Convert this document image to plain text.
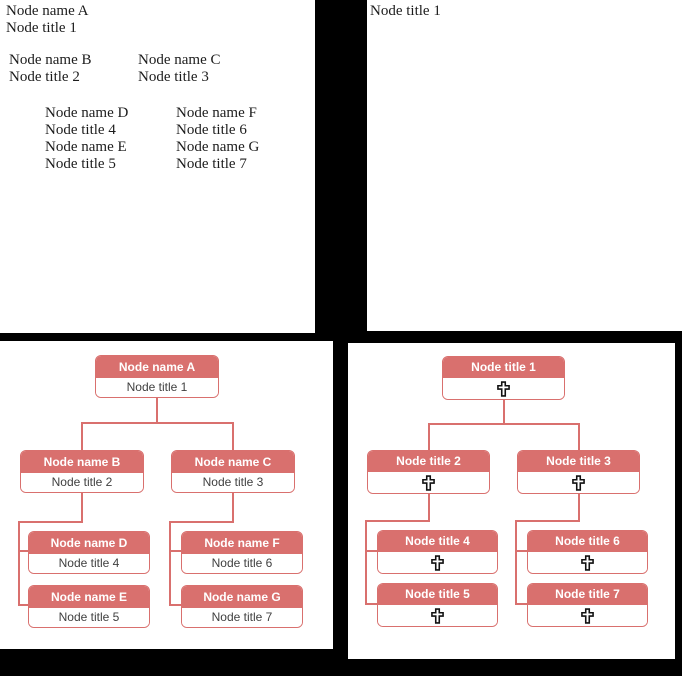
Node name A
Node title 1
Node name B
Node title 2
Node name C
Node title 3
Node name D
Node title 4
Node name E
Node title 5
Node name F
Node title 6
Node name G
Node title 7
Node title 1
Node name A
Node title 1
Node name B
Node title 2
Node name C
Node title 3
Node name D
Node title 4
Node name E
Node title 5
Node name F
Node title 6
Node name G
Node title 7
Node title 1
Node title 2	Node title 3
Node title 4
Node title 5
Node title 6
Node title 7
